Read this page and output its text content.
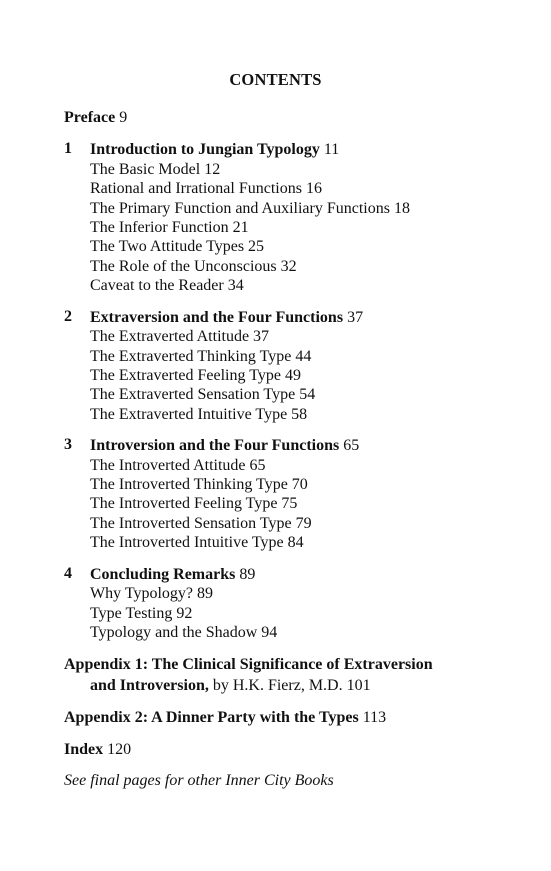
CONTENTS
Preface 9
1 Introduction to Jungian Typology 11
The Basic Model 12
Rational and Irrational Functions 16
The Primary Function and Auxiliary Functions 18
The Inferior Function 21
The Two Attitude Types 25
The Role of the Unconscious 32
Caveat to the Reader 34
2 Extraversion and the Four Functions 37
The Extraverted Attitude 37
The Extraverted Thinking Type 44
The Extraverted Feeling Type 49
The Extraverted Sensation Type 54
The Extraverted Intuitive Type 58
3 Introversion and the Four Functions 65
The Introverted Attitude 65
The Introverted Thinking Type 70
The Introverted Feeling Type 75
The Introverted Sensation Type 79
The Introverted Intuitive Type 84
4 Concluding Remarks 89
Why Typology? 89
Type Testing 92
Typology and the Shadow 94
Appendix 1: The Clinical Significance of Extraversion
and Introversion, by H.K. Fierz, M.D. 101
Appendix 2: A Dinner Party with the Types 113
Index 120
See final pages for other Inner City Books
